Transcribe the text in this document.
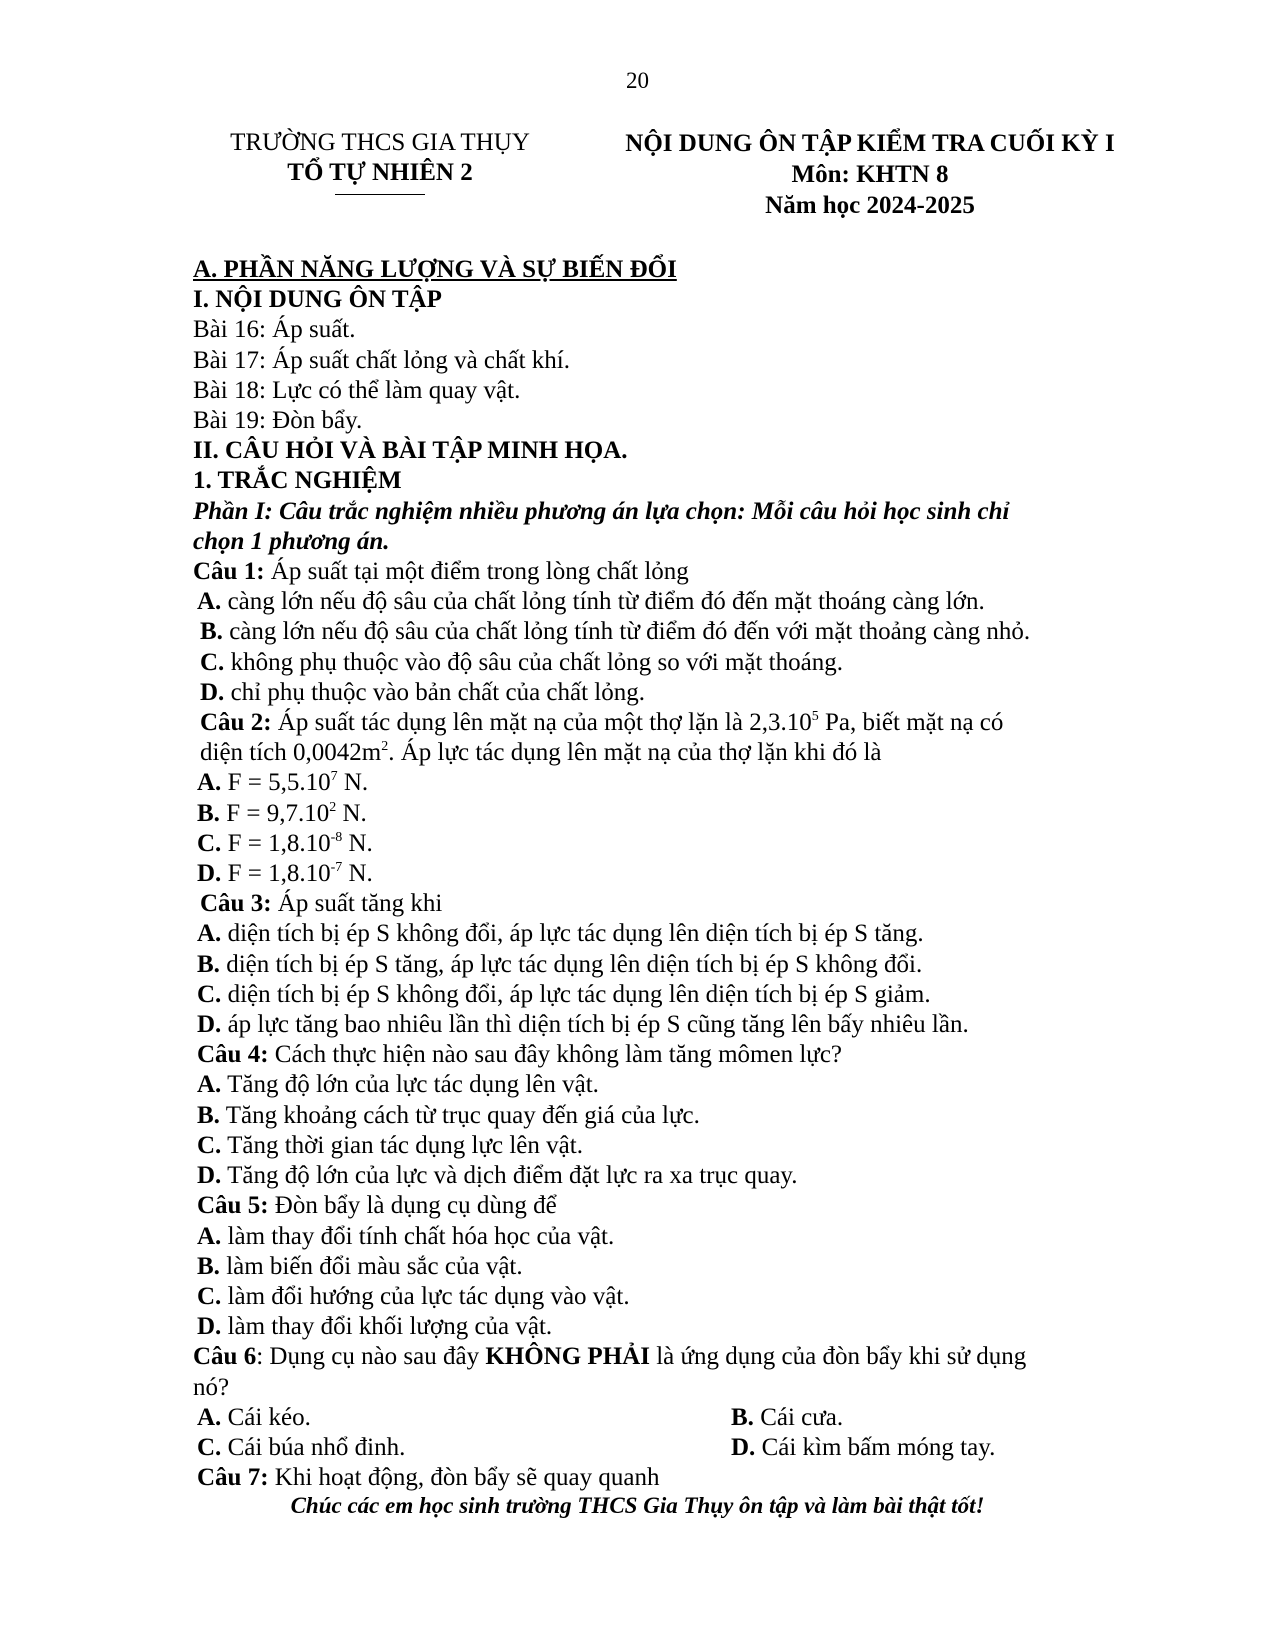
20
TRƯỜNG THCS GIA THỤY
TỔ TỰ NHIÊN 2
NỘI DUNG ÔN TẬP KIỂM TRA CUỐI KỲ I
Môn: KHTN 8
Năm học 2024-2025
A. PHẦN NĂNG LƯỢNG VÀ SỰ BIẾN ĐỔI
I. NỘI DUNG ÔN TẬP
Bài 16: Áp suất.
Bài 17: Áp suất chất lỏng và chất khí.
Bài 18: Lực có thể làm quay vật.
Bài 19: Đòn bẩy.
II. CÂU HỎI VÀ BÀI TẬP MINH HỌA.
1. TRẮC NGHIỆM
Phần I: Câu trắc nghiệm nhiều phương án lựa chọn: Mỗi câu hỏi học sinh chỉ
chọn 1 phương án.
Câu 1: Áp suất tại một điểm trong lòng chất lỏng
A. càng lớn nếu độ sâu của chất lỏng tính từ điểm đó đến mặt thoáng càng lớn.
B. càng lớn nếu độ sâu của chất lỏng tính từ điểm đó đến với mặt thoảng càng nhỏ.
C. không phụ thuộc vào độ sâu của chất lỏng so với mặt thoáng.
D. chỉ phụ thuộc vào bản chất của chất lỏng.
Câu 2: Áp suất tác dụng lên mặt nạ của một thợ lặn là 2,3.10$^5$ Pa, biết mặt nạ có
diện tích $0,0042m^2$. Áp lực tác dụng lên mặt nạ của thợ lặn khi đó là
A. $F = 5,5.10^7$ N.
B. $F = 9,7.10^2$ N.
C. $F = 1,8.10^{-8}$ N.
D. $F = 1,8.10^{-7}$ N.
Câu 3: Áp suất tăng khi
A. diện tích bị ép S không đổi, áp lực tác dụng lên diện tích bị ép S tăng.
B. diện tích bị ép S tăng, áp lực tác dụng lên diện tích bị ép S không đổi.
C. diện tích bị ép S không đổi, áp lực tác dụng lên diện tích bị ép S giảm.
D. áp lực tăng bao nhiêu lần thì diện tích bị ép S cũng tăng lên bấy nhiêu lần.
Câu 4: Cách thực hiện nào sau đây không làm tăng mômen lực?
A. Tăng độ lớn của lực tác dụng lên vật.
B. Tăng khoảng cách từ trục quay đến giá của lực.
C. Tăng thời gian tác dụng lực lên vật.
D. Tăng độ lớn của lực và dịch điểm đặt lực ra xa trục quay.
Câu 5: Đòn bẩy là dụng cụ dùng để
A. làm thay đổi tính chất hóa học của vật.
B. làm biến đổi màu sắc của vật.
C. làm đổi hướng của lực tác dụng vào vật.
D. làm thay đổi khối lượng của vật.
Câu 6: Dụng cụ nào sau đây KHÔNG PHẢI là ứng dụng của đòn bẩy khi sử dụng
nó?
A. Cái kéo.	B. Cái cưa.
C. Cái búa nhổ đinh.	D. Cái kìm bấm móng tay.
Câu 7: Khi hoạt động, đòn bẩy sẽ quay quanh
Chúc các em học sinh trường THCS Gia Thụy ôn tập và làm bài thật tốt!
